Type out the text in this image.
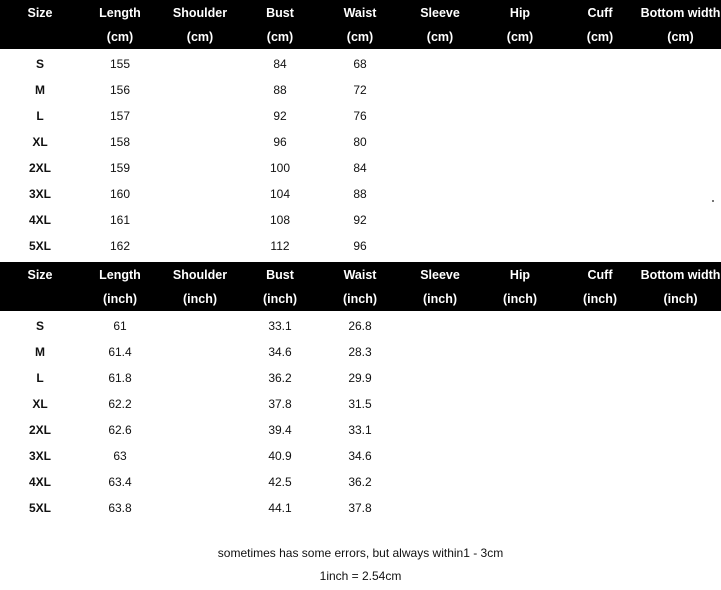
Size	Length	Shoulder	Bust	Waist	Sleeve	Hip	Cuff	Bottom width
	(cm)	(cm)	(cm)	(cm)	(cm)	(cm)	(cm)	(cm)
S	155		84	68				
M	156		88	72				
L	157		92	76				
XL	158		96	80				
2XL	159		100	84				
3XL	160		104	88				
4XL	161		108	92				
5XL	162		112	96				
Size	Length	Shoulder	Bust	Waist	Sleeve	Hip	Cuff	Bottom width
	(inch)	(inch)	(inch)	(inch)	(inch)	(inch)	(inch)	(inch)
S	61		33.1	26.8				
M	61.4		34.6	28.3				
L	61.8		36.2	29.9				
XL	62.2		37.8	31.5				
2XL	62.6		39.4	33.1				
3XL	63		40.9	34.6				
4XL	63.4		42.5	36.2				
5XL	63.8		44.1	37.8				
sometimes has some errors, but always within1 - 3cm
1inch = 2.54cm
